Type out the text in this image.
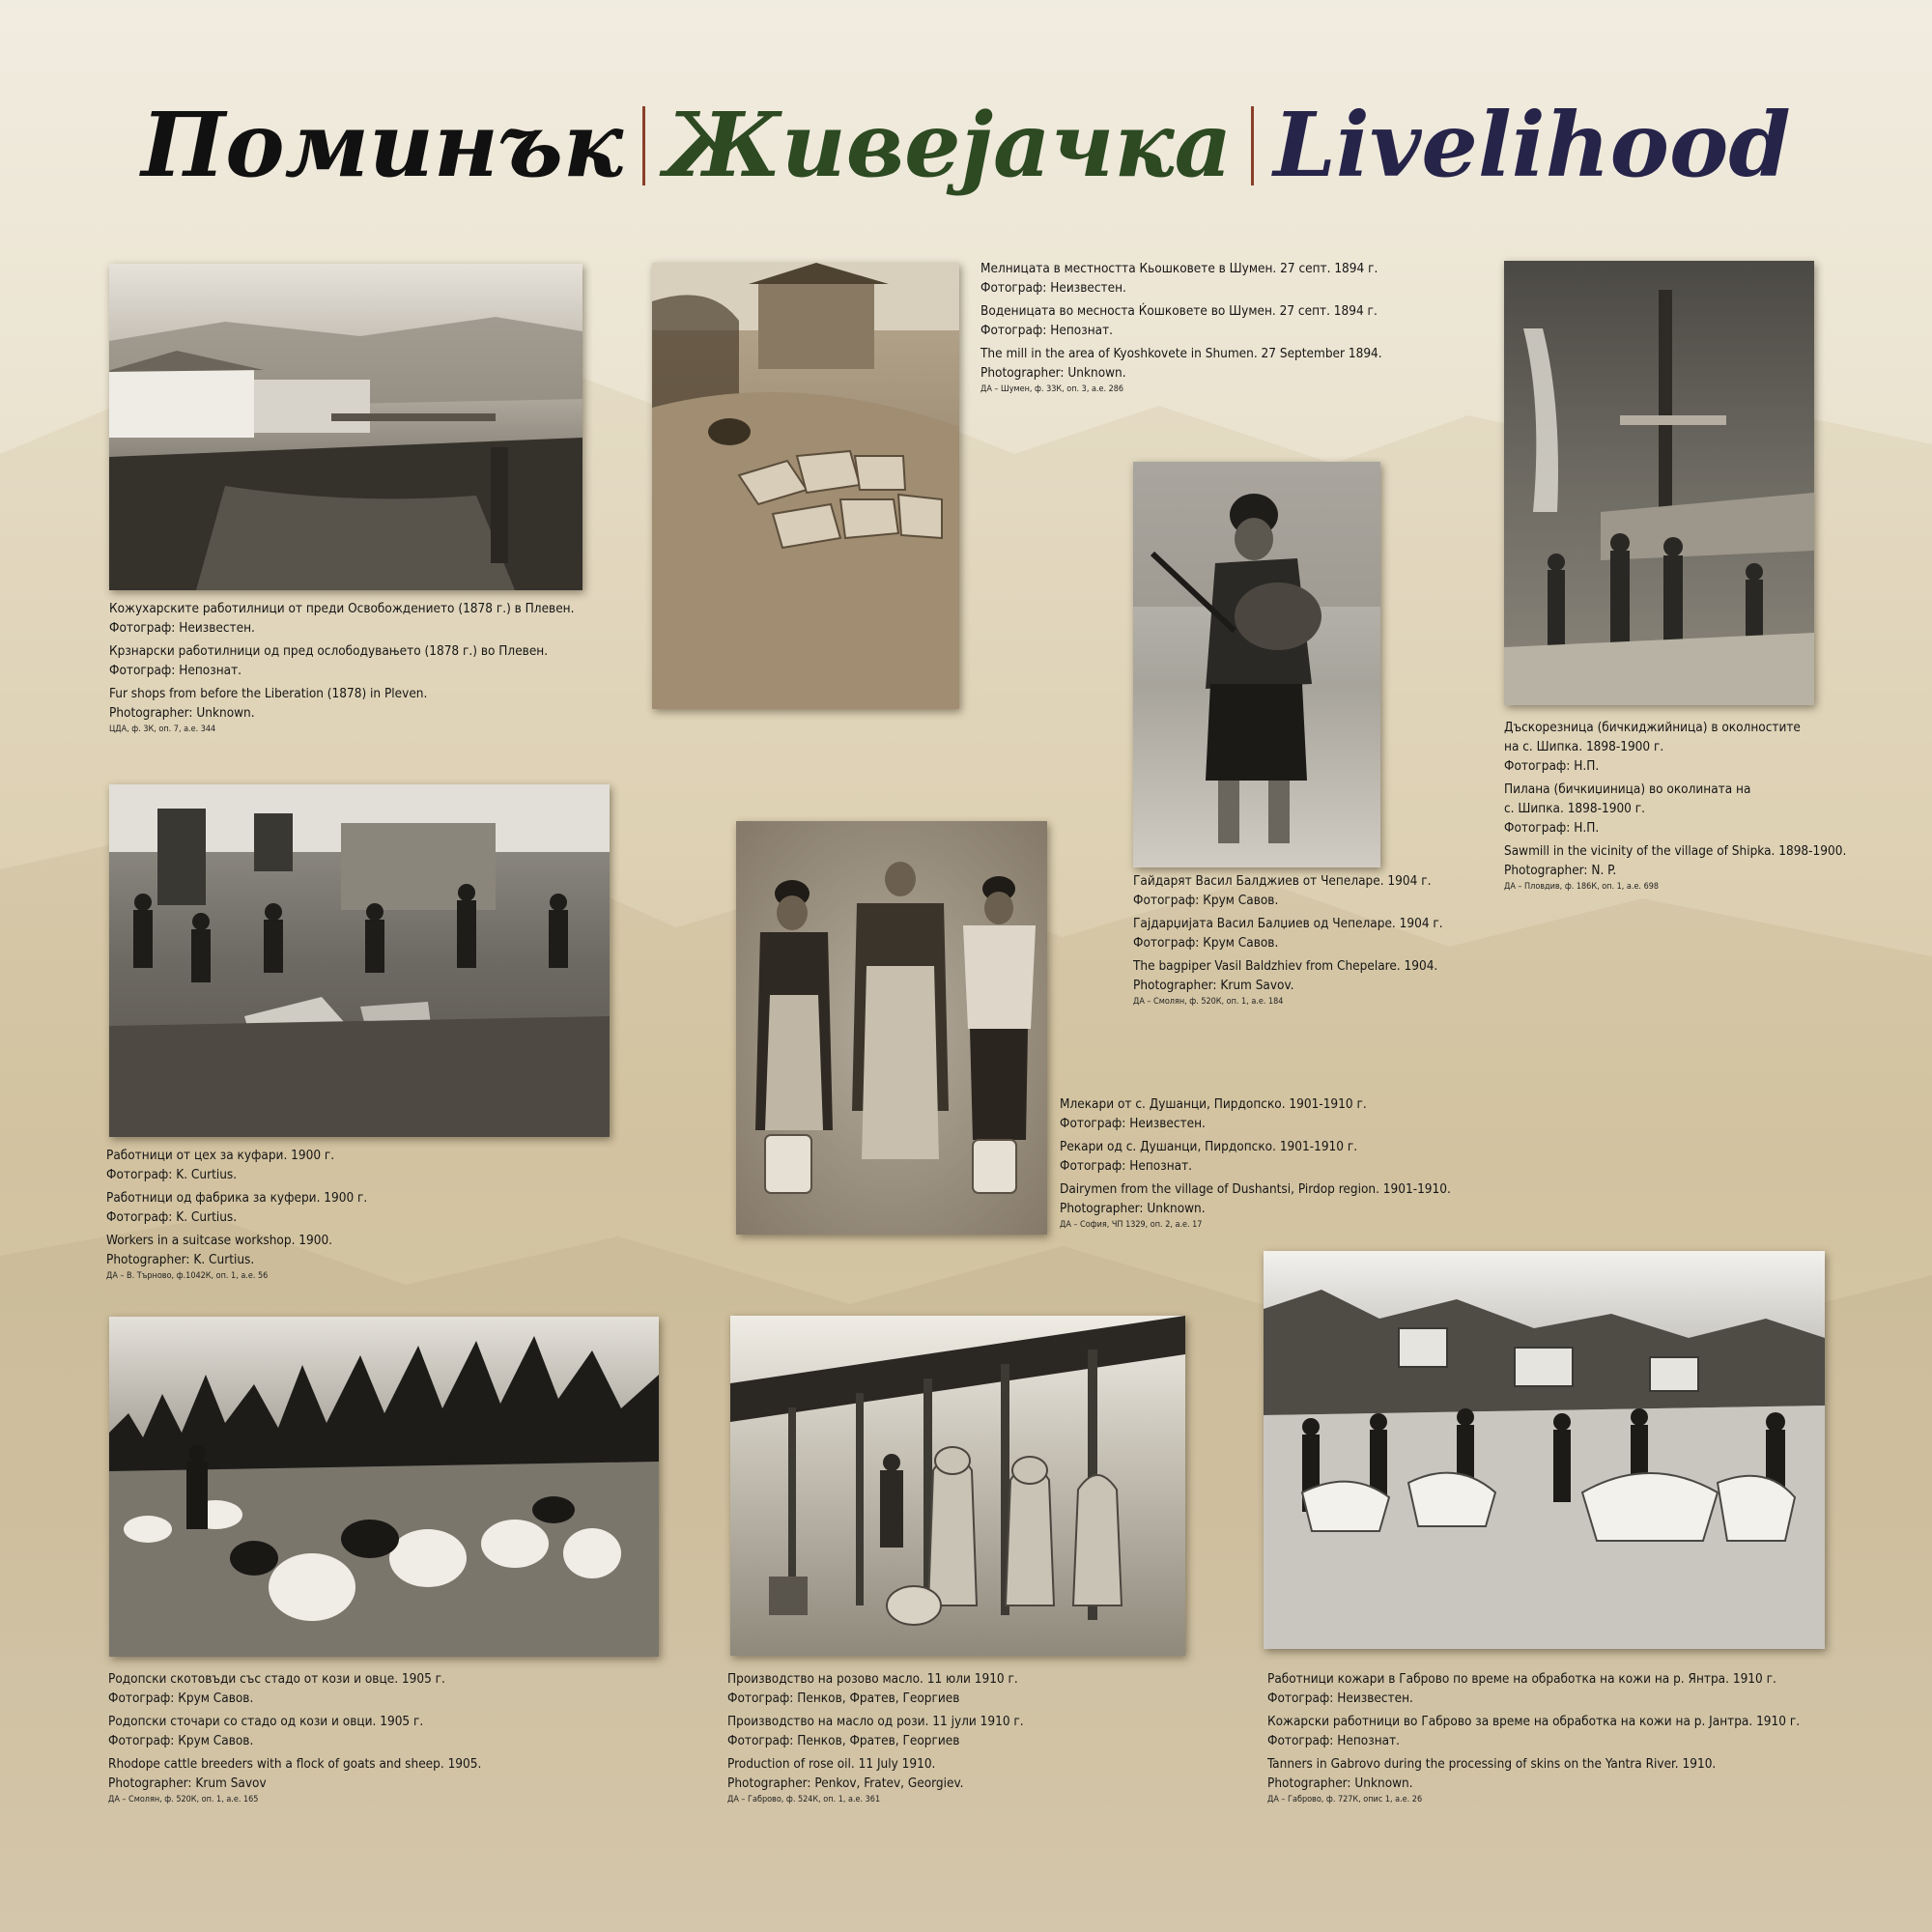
Поминък Живејачка Livelihood
Кожухарските работилници от преди Освобождението (1878 г.) в Плевен.
Фотограф: Неизвестен.
Крзнарски работилници од пред ослободувањето (1878 г.) во Плевен.
Фотограф: Непознат.
Fur shops from before the Liberation (1878) in Pleven.
Photographer: Unknown.
ЦДА, ф. 3К, оп. 7, а.е. 344
Мелницата в местността Кьошковете в Шумен. 27 септ. 1894 г.
Фотограф: Неизвестен.
Воденицата во месноста Ќошковете во Шумен. 27 септ. 1894 г.
Фотограф: Непознат.
The mill in the area of Kyoshkovete in Shumen. 27 September 1894.
Photographer: Unknown.
ДА – Шумен, ф. 33К, оп. 3, а.е. 286
Дъскорезница (бичкиджийница) в околностите
на с. Шипка. 1898-1900 г.
Фотограф: Н.П.
Пилана (бичкиџиница) во околината на
с. Шипка. 1898-1900 г.
Фотограф: Н.П.
Sawmill in the vicinity of the village of Shipka. 1898-1900.
Photographer: N. P.
ДА – Пловдив, ф. 186К, оп. 1, а.е. 698
Гайдарят Васил Балджиев от Чепеларе. 1904 г.
Фотограф: Крум Савов.
Гајдарџијата Васил Балџиев од Чепеларе. 1904 г.
Фотограф: Крум Савов.
The bagpiper Vasil Baldzhiev from Chepelare. 1904.
Photographer: Krum Savov.
ДА – Смолян, ф. 520К, оп. 1, а.е. 184
Работници от цех за куфари. 1900 г.
Фотограф: K. Curtius.
Работници од фабрика за куфери. 1900 г.
Фотограф: K. Curtius.
Workers in a suitcase workshop. 1900.
Photographer: K. Curtius.
ДА – В. Търново, ф.1042К, оп. 1, а.е. 56
Млекари от с. Душанци, Пирдопско. 1901-1910 г.
Фотограф: Неизвестен.
Рекари од с. Душанци, Пирдопско. 1901-1910 г.
Фотограф: Непознат.
Dairymen from the village of Dushantsi, Pirdop region. 1901-1910.
Photographer: Unknown.
ДА – София, ЧП 1329, оп. 2, а.е. 17
Родопски скотовъди със стадо от кози и овце. 1905 г.
Фотограф: Крум Савов.
Родопски сточари со стадо од кози и овци. 1905 г.
Фотограф: Крум Савов.
Rhodope cattle breeders with a flock of goats and sheep. 1905.
Photographer: Krum Savov
ДА – Смолян, ф. 520К, оп. 1, а.е. 165
Производство на розово масло. 11 юли 1910 г.
Фотограф: Пенков, Фратев, Георгиев
Производство на масло од рози. 11 јули 1910 г.
Фотограф: Пенков, Фратев, Георгиев
Production of rose oil. 11 July 1910.
Photographer: Penkov, Fratev, Georgiev.
ДА – Габрово, ф. 524К, оп. 1, а.е. 361
Работници кожари в Габрово по време на обработка на кожи на р. Янтра. 1910 г.
Фотограф: Неизвестен.
Кожарски работници во Габрово за време на обработка на кожи на р. Јантра. 1910 г.
Фотограф: Непознат.
Tanners in Gabrovo during the processing of skins on the Yantra River. 1910.
Photographer: Unknown.
ДА – Габрово, ф. 727К, опис 1, а.е. 26
